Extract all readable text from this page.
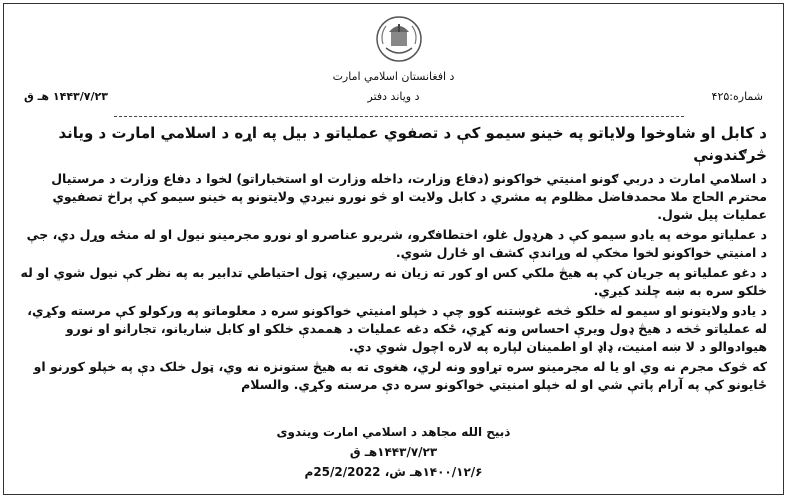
د افغانستان اسلامي امارت
شماره:۴۲۵
د ویاند دفتر
۱۴۴۳/۷/۲۳ هـ ق
د کابل او شاوخوا ولایاتو په خینو سیمو کې د تصفوي عملیاتو د بیل په اړه د اسلامي امارت د ویاند څرګندونې

د اسلامي امارت د دربي ګونو امنيتي خواکونو (دفاع وزارت، داخله وزارت او استخباراتو) لخوا د دفاع وزارت د مرستیال محترم الحاج ملا محمدفاضل مظلوم په مشري د کابل ولایت او څو نورو نیږدي ولایتونو په خینو سیمو کې پراخ تصفیوي عملیات پیل شول.

د عملیاتو موخه په یادو سیمو کې د هرډول غلو، اختطافګرو، شریرو عناصرو او نورو مجرمینو نیول او له منځه وړل دي، جې د امنیتي خواکونو لخوا مخکې له وړاندې کشف او ځارل شوي.

د دغو عملیاتو په جریان کې په هیڅ ملکي کس او کور ته زیان نه رسیږي، ټول احتیاطي تدابیر به په نظر کې نیول شوي او له خلکو سره به ښه چلند کیږي.

د یادو ولایتونو او سیمو له خلکو څخه غوښتنه کوو چې د خپلو امنیتي خواکونو سره د معلوماتو په ورکولو کې مرسته وکړي، له عملیاتو څخه د هیڅ ډول ویرې احساس ونه کړي، ځکه دغه عملیات د هممدې خلکو او کابل ښاریانو، تجارانو او نورو هیوادوالو د لا ښه امنیت، ډاډ او اطمینان لپاره په لاره اچول شوي دي.

که څوک مجرم نه وي او یا له مجرمینو سره تړاوو ونه لري، هغوی ته به هیڅ ستونزه نه وي، ټول خلک دې په خپلو کورنو او ځایونو کې په آرام پاتې شي او له خپلو امنیتي خواکونو سره دې مرسته وکړي. والسلام

ذبیح الله مجاهد د اسلامي امارت ویندوی
۱۴۴۳/۷/۲۳هـ ق
۱۴۰۰/۱۲/۶هـ ش، 25/2/2022م
